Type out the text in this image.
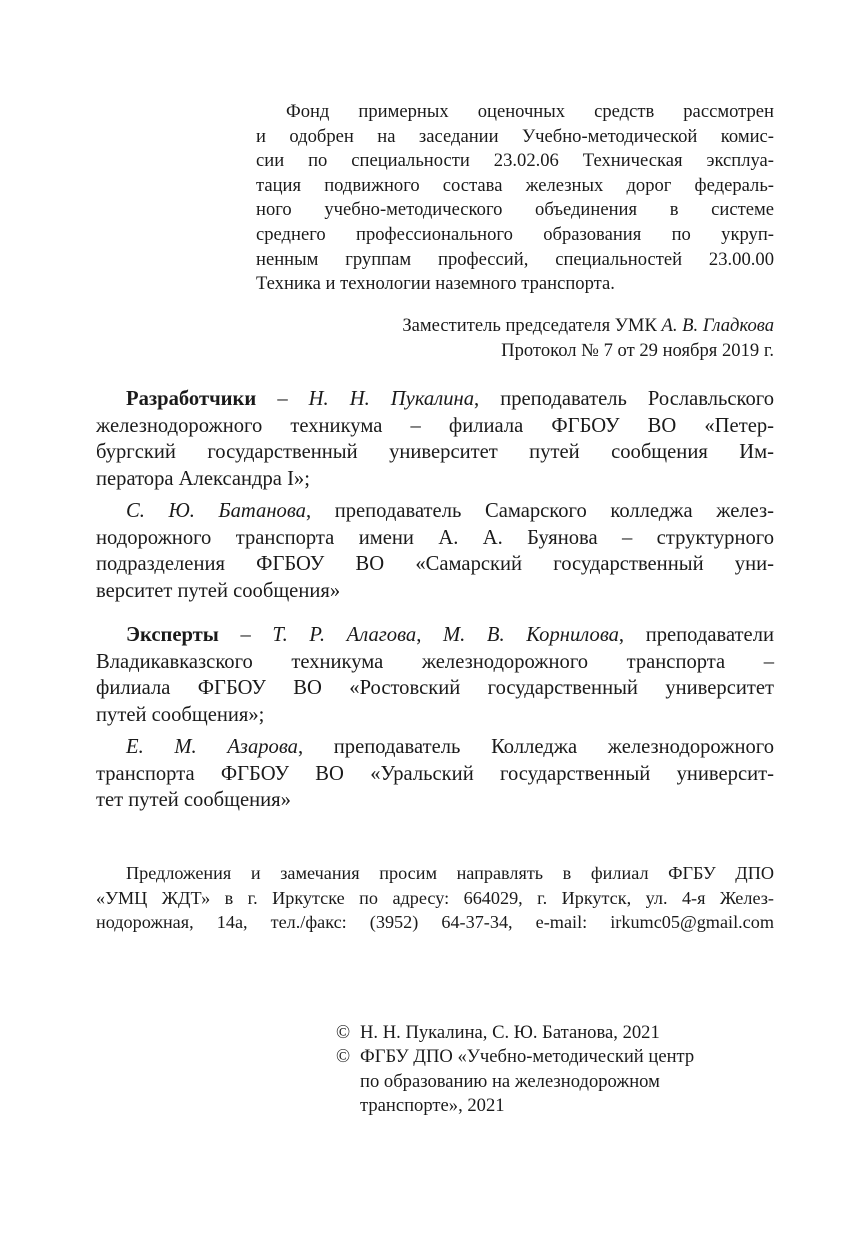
Фонд примерных оценочных средств рассмотрен
и одобрен на заседании Учебно-методической комис-
сии по специальности 23.02.06 Техническая эксплуа-
тация подвижного состава железных дорог федераль-
ного учебно-методического объединения в системе
среднего профессионального образования по укруп-
ненным группам профессий, специальностей 23.00.00
Техника и технологии наземного транспорта.
Заместитель председателя УМК А. В. Гладкова
Протокол № 7 от 29 ноября 2019 г.
Разработчики – Н. Н. Пукалина, преподаватель Рославльского
железнодорожного техникума – филиала ФГБОУ ВО «Петер-
бургский государственный университет путей сообщения Им-
ператора Александра I»;
С. Ю. Батанова, преподаватель Самарского колледжа желез-
нодорожного транспорта имени А. А. Буянова – структурного
подразделения ФГБОУ ВО «Самарский государственный уни-
верситет путей сообщения»
Эксперты – Т. Р. Алагова, М. В. Корнилова, преподаватели
Владикавказского техникума железнодорожного транспорта –
филиала ФГБОУ ВО «Ростовский государственный университет
путей сообщения»;
Е. М. Азарова, преподаватель Колледжа железнодорожного
транспорта ФГБОУ ВО «Уральский государственный университ-
тет путей сообщения»
Предложения и замечания просим направлять в филиал ФГБУ ДПО
«УМЦ ЖДТ» в г. Иркутске по адресу: 664029, г. Иркутск, ул. 4-я Желез-
нодорожная, 14а, тел./факс: (3952) 64-37-34, e-mail: irkumc05@gmail.com
© Н. Н. Пукалина, С. Ю. Батанова, 2021
© ФГБУ ДПО «Учебно-методический центр
по образованию на железнодорожном
транспорте», 2021
